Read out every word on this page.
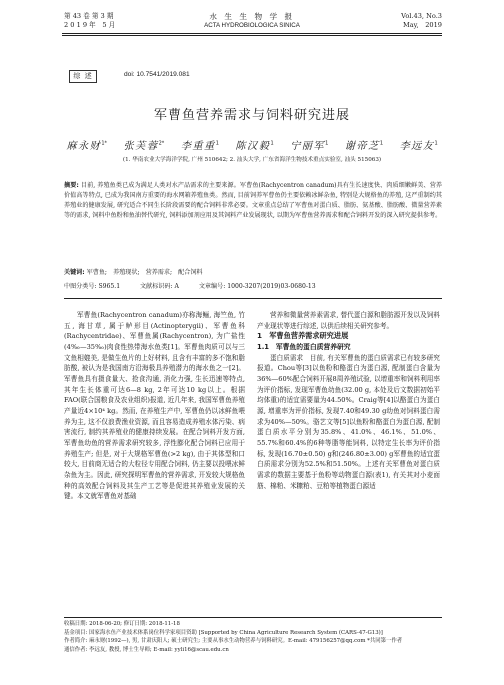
第 43 卷 第 3 期
2 0 1 9 年　5 月
水 生 生 物 学 报
ACTA HYDROBIOLOGICA SINICA
Vol.43, No.3
May,　2019
综 述	doi: 10.7541/2019.081
军曹鱼营养需求与饲料研究进展
麻永财$^{1*}$　 张芙蓉$^{2*}$　 李重重$^1$　 陈汉毅$^1$　 宁丽军$^1$　 谢帝芝$^1$　 李远友$^1$
(1. 华南农业大学海洋学院, 广州 510642; 2. 汕头大学, 广东省海洋生物技术重点实验室, 汕头 515063)
摘要: 目前, 养殖鱼类已成为满足人类对水产品需求的主要来源。军曹鱼(Rachycentron canadum)具有生长速度快、肉质细嫩鲜美、营养价值高等特点, 已成为我国南方重要的海水网箱养殖鱼类。然而, 目前饲养军曹鱼仍主要依赖冰鲜杂鱼, 特别是大规格鱼的养殖, 这严重制约其养殖业的健康发展, 研究适合不同生长阶段需要的配合饲料非常必要。文章重点总结了军曹鱼对蛋白质、脂肪、氨基酸、脂肪酸、微量营养素等的需求, 饲料中鱼粉和鱼油替代研究, 饲料添加剂应用及其饲料产业发展现状, 以期为军曹鱼营养需求和配合饲料开发的深入研究提供参考。
关键词: 军曹鱼;　养殖现状;　营养需求;　配合饲料
中图分类号: S965.1	文献标识码: A	文章编号: 1000-3207(2019)03-0680-13
军曹鱼(Rachycentron canadum)亦称海鲡, 海竺鱼, 竹五, 海甘草, 属于鲈形目(Actinopterygii)、军曹鱼科(Rachycentridae)、军曹鱼属(Rachycentron), 为广盐性(4‰—35‰)肉食性热带海水鱼类[1]。军曹鱼肉质可以与三文鱼相媲美, 是做生鱼片的上好材料, 且含有丰富的多不饱和脂肪酸, 被认为是我国南方沿海极具养殖潜力的海水鱼之一[2]。军曹鱼具有摄食量大、抢食沟通, 消化力强, 生长迅速等特点, 其年生长体重可达6—8 kg, 2年可达10 kg以上。根据FAO(联合国粮食及农业组织)报道, 近几年来, 我国军曹鱼养殖产量近4×10⁴ kg。然而, 在养殖生产中, 军曹鱼仍以冰鲜鱼喂养为主, 这不仅浪费渔业资源, 而且容易造成养殖水体污染、病害流行, 制约其养殖业的健康持续发展。在配合饲料开发方面, 军曹鱼幼鱼的营养需求研究较多, 浮性膨化配合饲料已应用于养殖生产; 但是, 对于大规格军曹鱼(>2 kg), 由于其体型和口较大, 目前商无适合的大粒径专用配合饲料, 仍主要以投喂冰鲜杂鱼为主。因此, 研究探明军曹鱼的营养需求, 开发较大规格鱼种的高效配合饲料及其生产工艺等是促进其养殖业发展的关键。本文就军曹鱼对基础

营养和微量营养素需求, 替代蛋白源和脂肪源开发以及饲料产业现状等进行综述, 以供后续相关研究参考。

1　军曹鱼营养需求研究进展

1.1　军曹鱼的蛋白质营养研究

蛋白质需求　目前, 有关军曹鱼的蛋白质需求已有较多研究报道。Chou等[3]以鱼粉和酪蛋白为蛋白源, 配制蛋白含量为36%—60%配合饲料开展8周养殖试验, 以增重率和饲料利用率为评价指标, 发现军曹鱼幼鱼(32.00 g, 本处及后文数据初始平均体重)的适宜需要量为44.50%。Craig等[4]以酪蛋白为蛋白源, 增重率为评价指标, 发现7.40和49.30 g幼鱼对饲料蛋白需求为40%—50%。骆艺文等[5]以鱼粉和酪蛋白为蛋白源, 配制蛋白质水平分别为35.8%、41.0%、46.1%、51.0%、55.7%和60.4%的6种等脂等能饲料, 以特定生长率为评价指标, 发现(16.70±0.50) g和(246.80±3.00) g军曹鱼的适宜蛋白质需求分别为52.5%和51.50%。上述有关军曹鱼对蛋白质需求的数据主要基于鱼粉等动物蛋白源(表1), 有关其对小麦面筋、棉粕、米糠粕、豆粕等植物蛋白源适

收稿日期: 2018-06-20; 修订日期: 2018-11-18
基金项目: 国家海水鱼产业技术体系岗位科学家项目资助 [Supported by China Agriculture Research System (CARS-47-G13)]
作者简介: 麻永财(1992—), 男, 甘肃庆阳人; 硕士研究生; 主要从事水生动物营养与饲料研究。E-mail: 479156257@qq.com *共同第一作者
通信作者: 李远友, 教授, 博士生导师; E-mail: yyli16@scau.edu.cn
